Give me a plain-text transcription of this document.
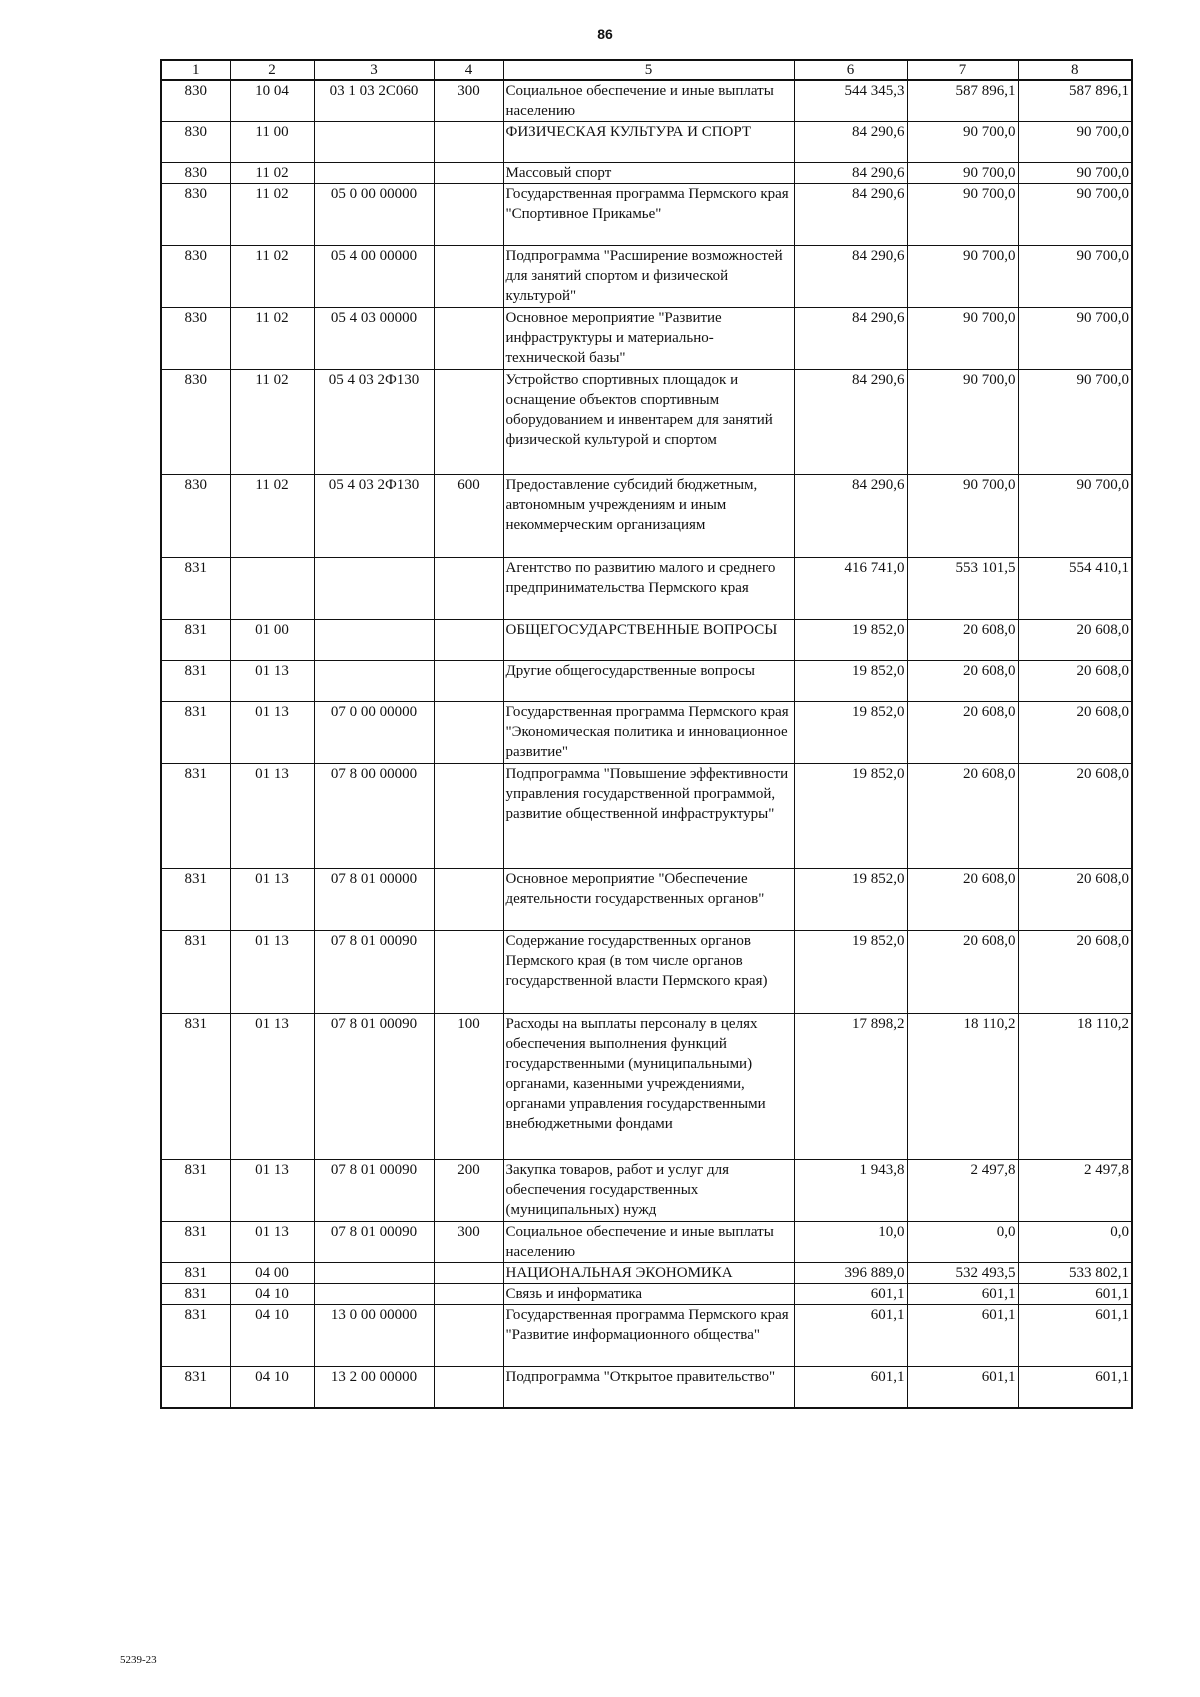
86
1	2	3	4	5	6	7	8
830	10 04	03 1 03 2С060	300	Социальное обеспечение и иные выплаты населению	544 345,3	587 896,1	587 896,1
830	11 00			ФИЗИЧЕСКАЯ КУЛЬТУРА И СПОРТ	84 290,6	90 700,0	90 700,0
830	11 02			Массовый спорт	84 290,6	90 700,0	90 700,0
830	11 02	05 0 00 00000		Государственная программа Пермского края "Спортивное Прикамье"	84 290,6	90 700,0	90 700,0
830	11 02	05 4 00 00000		Подпрограмма "Расширение возможностей для занятий спортом и физической культурой"	84 290,6	90 700,0	90 700,0
830	11 02	05 4 03 00000		Основное мероприятие "Развитие инфраструктуры и материально-технической базы"	84 290,6	90 700,0	90 700,0
830	11 02	05 4 03 2Ф130		Устройство спортивных площадок и оснащение объектов спортивным оборудованием и инвентарем для занятий физической культурой и спортом	84 290,6	90 700,0	90 700,0
830	11 02	05 4 03 2Ф130	600	Предоставление субсидий бюджетным, автономным учреждениям и иным некоммерческим организациям	84 290,6	90 700,0	90 700,0
831				Агентство по развитию малого и среднего предпринимательства Пермского края	416 741,0	553 101,5	554 410,1
831	01 00			ОБЩЕГОСУДАРСТВЕННЫЕ ВОПРОСЫ	19 852,0	20 608,0	20 608,0
831	01 13			Другие общегосударственные вопросы	19 852,0	20 608,0	20 608,0
831	01 13	07 0 00 00000		Государственная программа Пермского края "Экономическая политика и инновационное развитие"	19 852,0	20 608,0	20 608,0
831	01 13	07 8 00 00000		Подпрограмма "Повышение эффективности управления государственной программой, развитие общественной инфраструктуры"	19 852,0	20 608,0	20 608,0
831	01 13	07 8 01 00000		Основное мероприятие "Обеспечение деятельности государственных органов"	19 852,0	20 608,0	20 608,0
831	01 13	07 8 01 00090		Содержание государственных органов Пермского края (в том числе органов государственной власти Пермского края)	19 852,0	20 608,0	20 608,0
831	01 13	07 8 01 00090	100	Расходы на выплаты персоналу в целях обеспечения выполнения функций государственными (муниципальными) органами, казенными учреждениями, органами управления государственными внебюджетными фондами	17 898,2	18 110,2	18 110,2
831	01 13	07 8 01 00090	200	Закупка товаров, работ и услуг для обеспечения государственных (муниципальных) нужд	1 943,8	2 497,8	2 497,8
831	01 13	07 8 01 00090	300	Социальное обеспечение и иные выплаты населению	10,0	0,0	0,0
831	04 00			НАЦИОНАЛЬНАЯ ЭКОНОМИКА	396 889,0	532 493,5	533 802,1
831	04 10			Связь и информатика	601,1	601,1	601,1
831	04 10	13 0 00 00000		Государственная программа Пермского края "Развитие информационного общества"	601,1	601,1	601,1
831	04 10	13 2 00 00000		Подпрограмма "Открытое правительство"	601,1	601,1	601,1
5239-23
